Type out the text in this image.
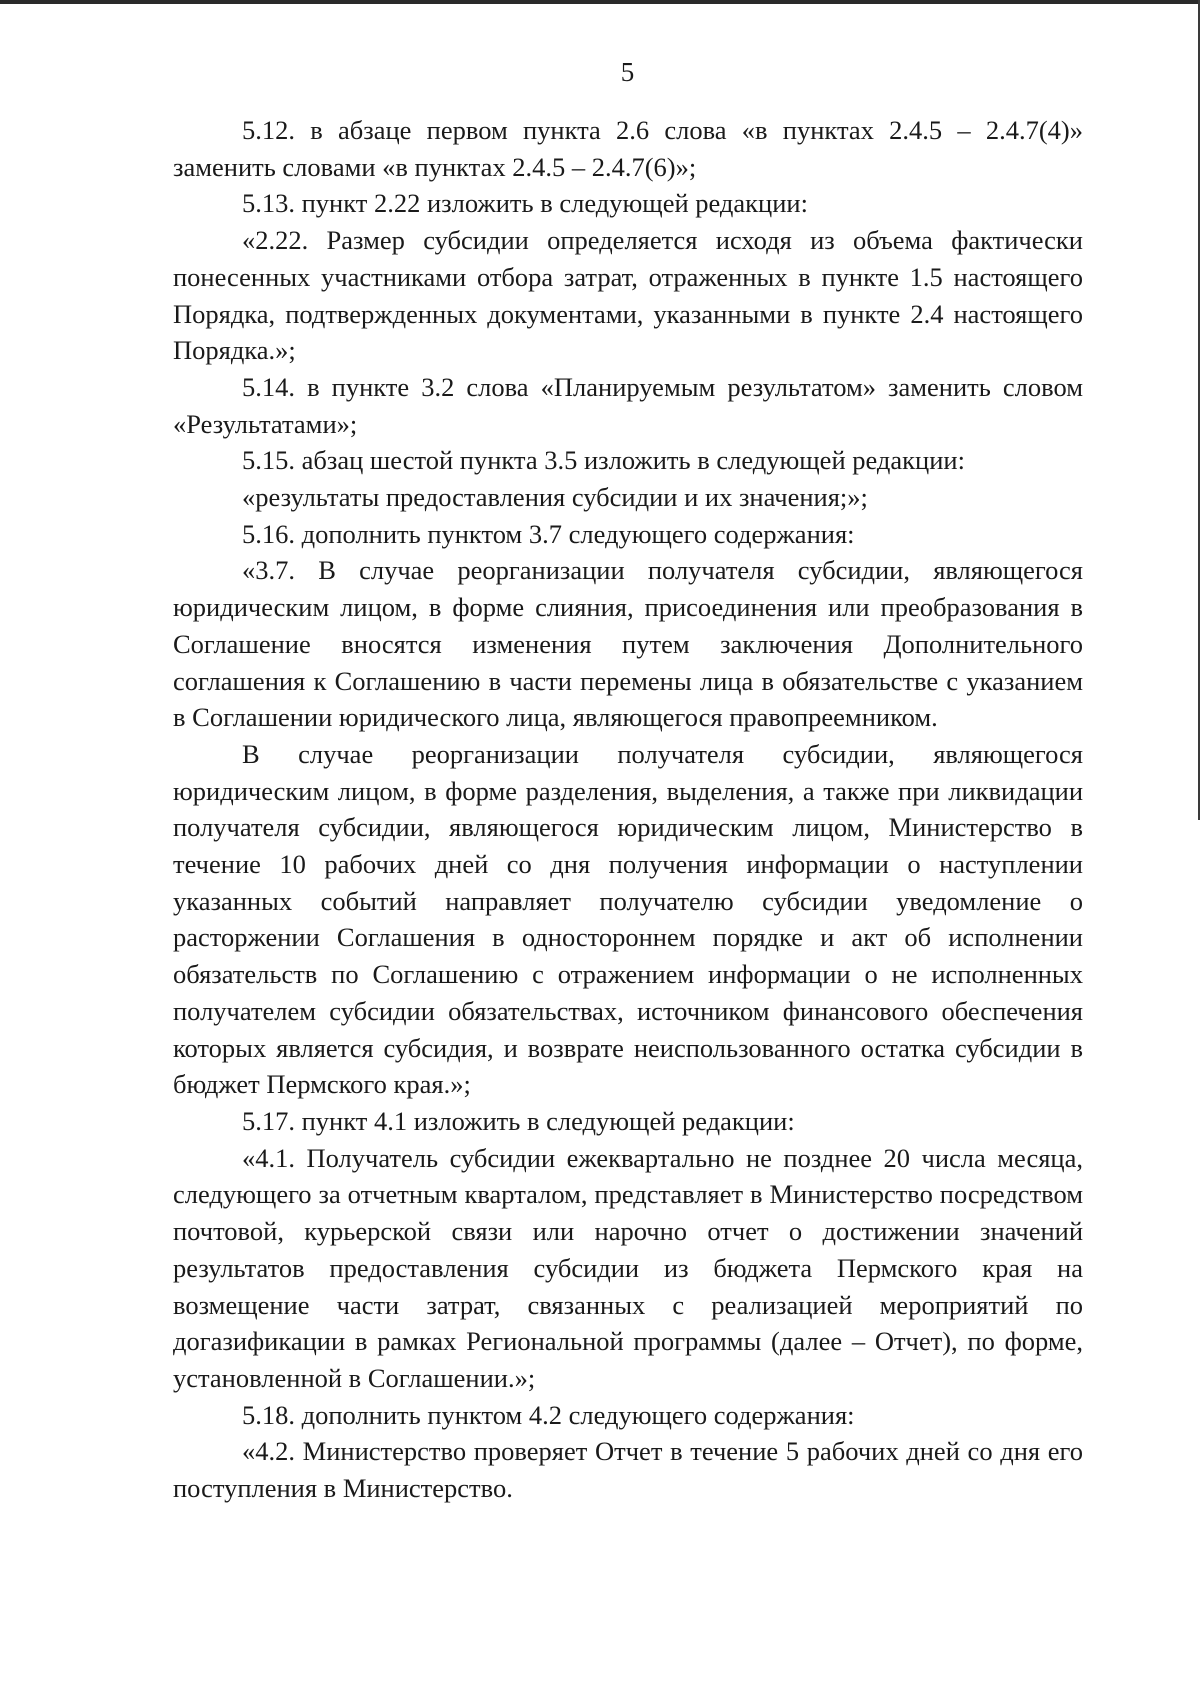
5

5.12. в абзаце первом пункта 2.6 слова «в пунктах 2.4.5 – 2.4.7(4)» заменить словами «в пунктах 2.4.5 – 2.4.7(6)»;

5.13. пункт 2.22 изложить в следующей редакции:

«2.22. Размер субсидии определяется исходя из объема фактически понесенных участниками отбора затрат, отраженных в пункте 1.5 настоящего Порядка, подтвержденных документами, указанными в пункте 2.4 настоящего Порядка.»;

5.14. в пункте 3.2 слова «Планируемым результатом» заменить словом «Результатами»;

5.15. абзац шестой пункта 3.5 изложить в следующей редакции:

«результаты предоставления субсидии и их значения;»;

5.16. дополнить пунктом 3.7 следующего содержания:

«3.7. В случае реорганизации получателя субсидии, являющегося юридическим лицом, в форме слияния, присоединения или преобразования в Соглашение вносятся изменения путем заключения Дополнительного соглашения к Соглашению в части перемены лица в обязательстве с указанием в Соглашении юридического лица, являющегося правопреемником.

В случае реорганизации получателя субсидии, являющегося юридическим лицом, в форме разделения, выделения, а также при ликвидации получателя субсидии, являющегося юридическим лицом, Министерство в течение 10 рабочих дней со дня получения информации о наступлении указанных событий направляет получателю субсидии уведомление о расторжении Соглашения в одностороннем порядке и акт об исполнении обязательств по Соглашению с отражением информации о не исполненных получателем субсидии обязательствах, источником финансового обеспечения которых является субсидия, и возврате неиспользованного остатка субсидии в бюджет Пермского края.»;

5.17. пункт 4.1 изложить в следующей редакции:

«4.1. Получатель субсидии ежеквартально не позднее 20 числа месяца, следующего за отчетным кварталом, представляет в Министерство посредством почтовой, курьерской связи или нарочно отчет о достижении значений результатов предоставления субсидии из бюджета Пермского края на возмещение части затрат, связанных с реализацией мероприятий по догазификации в рамках Региональной программы (далее – Отчет), по форме, установленной в Соглашении.»;

5.18. дополнить пунктом 4.2 следующего содержания:

«4.2. Министерство проверяет Отчет в течение 5 рабочих дней со дня его поступления в Министерство.
